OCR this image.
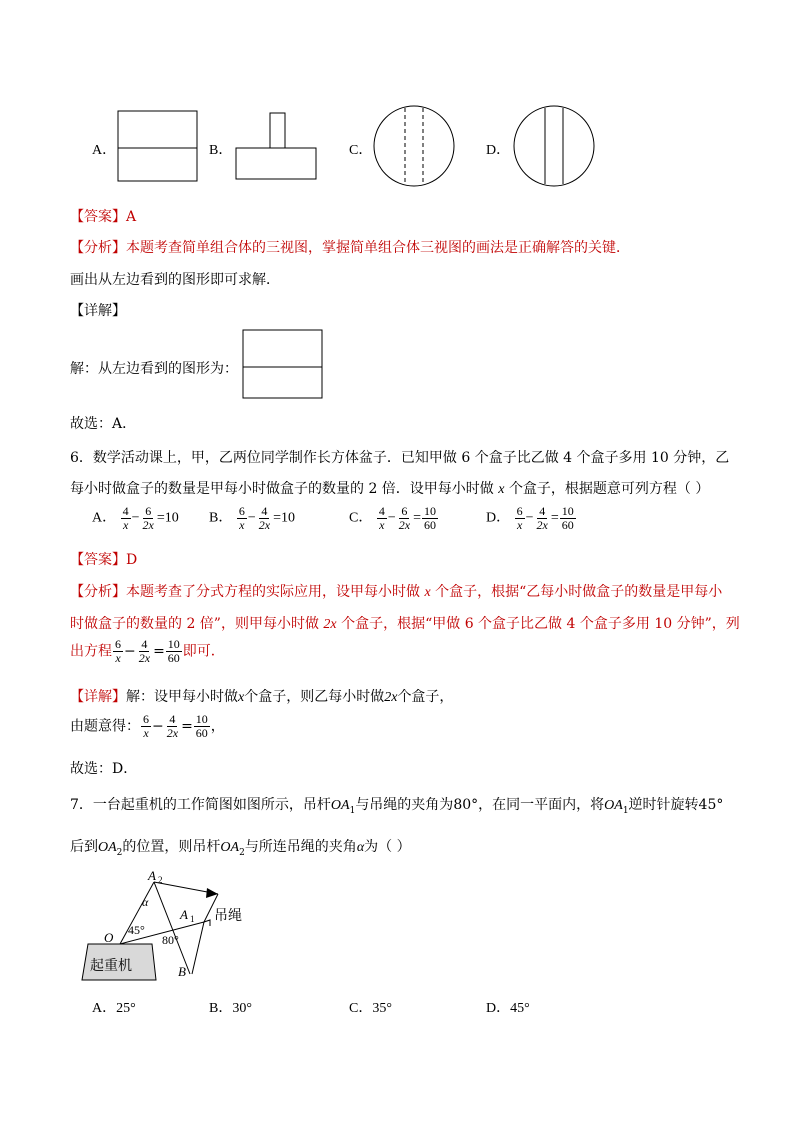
A．	B．	C．	D．
【答案】A
【分析】本题考查简单组合体的三视图，掌握简单组合体三视图的画法是正确解答的关键．
画出从左边看到的图形即可求解．
【详解】
解：从左边看到的图形为：
故选：A．
6．数学活动课上，甲，乙两位同学制作长方体盆子．已知甲做 6 个盒子比乙做 4 个盒子多用 10 分钟，乙
每小时做盒子的数量是甲每小时做盒子的数量的 2 倍．设甲每小时做 x 个盒子，根据题意可列方程（ ）
A． $\frac{4}{x} - \frac{6}{2x} =10$ B． $\frac{6}{x} - \frac{4}{2x} =10$	C． $\frac{4}{x} - \frac{6}{2x} = \frac{10}{60}$	D． $\frac{6}{x} - \frac{4}{2x} = \frac{10}{60}$
【答案】D
【分析】本题考查了分式方程的实际应用，设甲每小时做 x 个盒子，根据“乙每小时做盒子的数量是甲每小
时做盒子的数量的 2 倍”，则甲每小时做 2x 个盒子，根据“甲做 6 个盒子比乙做 4 个盒子多用 10 分钟”，列
出方程 $\frac{6}{x} - \frac{4}{2x} = \frac{10}{60}$ 即可．
【详解】解：设甲每小时做x个盒子，则乙每小时做2x个盒子，
由题意得： $\frac{6}{x} - \frac{4}{2x} = \frac{10}{60}$ ，
故选：D．
7．一台起重机的工作简图如图所示，吊杆$OA_1$与吊绳的夹角为80°，在同一平面内，将$OA_1$逆时针旋转45°
后到$OA_2$的位置，则吊杆$OA_2$与所连吊绳的夹角α为（ ）
起重机
A 2
A 1
O
B
α
45°
80°
吊绳
A．25°	B．30°	C．35°	D．45°
